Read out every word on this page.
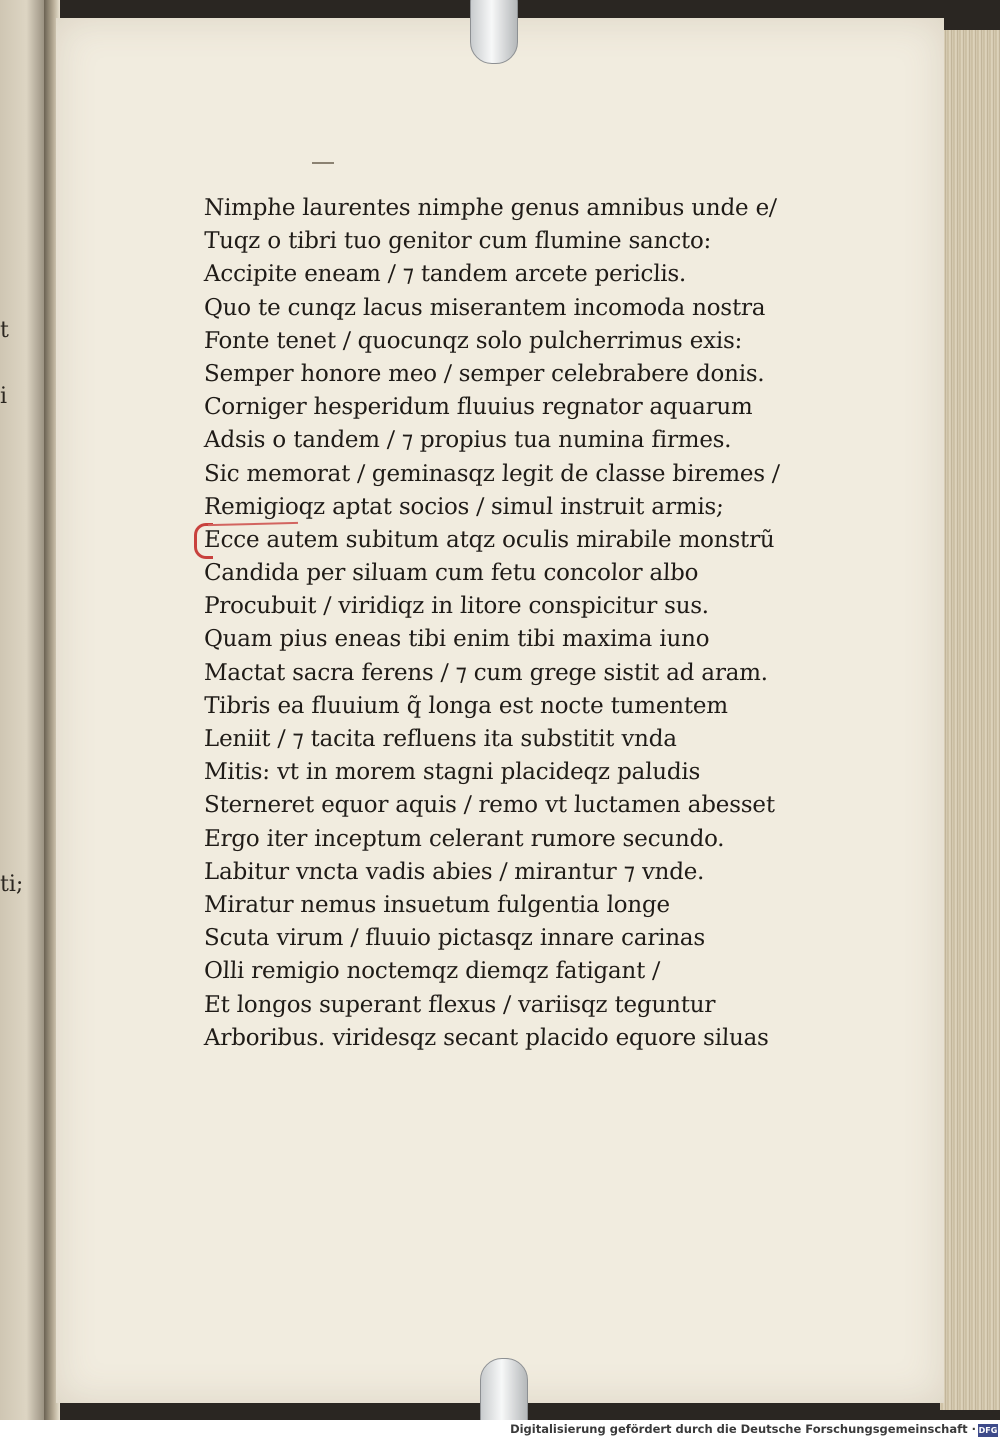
t
i
ti;
Nimphe laurentes nimphe genus amnibus unde e/
Tuqz o tibri tuo genitor cum flumine sancto:
Accipite eneam / ⁊ tandem arcete periclis.
Quo te cunqz lacus miserantem incomoda nostra
Fonte tenet / quocunqz solo pulcherrimus exis:
Semper honore meo / semper celebrabere donis.
Corniger hesperidum fluuius regnator aquarum
Adsis o tandem / ⁊ propius tua numina firmes.
Sic memorat / geminasqz legit de classe biremes /
Remigioqz aptat socios / simul instruit armis;
Ecce autem subitum atqz oculis mirabile monstrũ
Candida per siluam cum fetu concolor albo
Procubuit / viridiqz in litore conspicitur sus.
Quam pius eneas tibi enim tibi maxima iuno
Mactat sacra ferens / ⁊ cum grege sistit ad aram.
Tibris ea fluuium q̃ longa est nocte tumentem
Leniit / ⁊ tacita refluens ita substitit vnda
Mitis: vt in morem stagni placideqz paludis
Sterneret equor aquis / remo vt luctamen abesset
Ergo iter inceptum celerant rumore secundo.
Labitur vncta vadis abies / mirantur ⁊ vnde.
Miratur nemus insuetum fulgentia longe
Scuta virum / fluuio pictasqz innare carinas
Olli remigio noctemqz diemqz fatigant /
Et longos superant flexus / variisqz teguntur
Arboribus. viridesqz secant placido equore siluas
Digitalisierung gefördert durch die Deutsche Forschungsgemeinschaft · DFG
